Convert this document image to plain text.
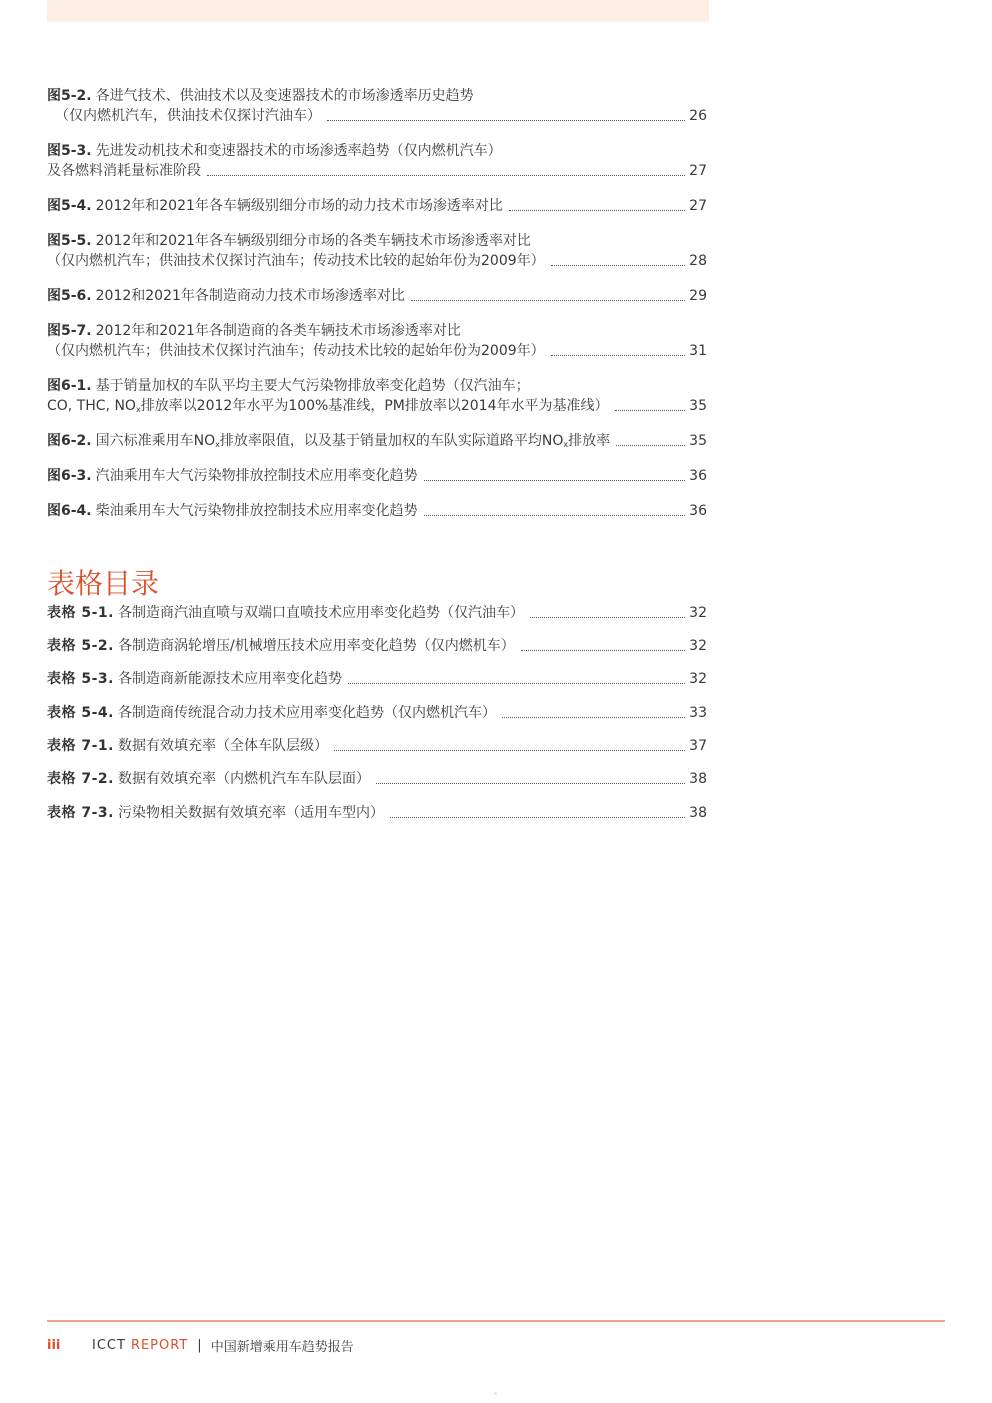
图5-2. 各进气技术、供油技术以及变速器技术的市场渗透率历史趋势
（仅内燃机汽车，供油技术仅探讨汽油车）	26
图5-3. 先进发动机技术和变速器技术的市场渗透率趋势（仅内燃机汽车）
及各燃料消耗量标准阶段	27
图5-4. 2012年和2021年各车辆级别细分市场的动力技术市场渗透率对比	27
图5-5. 2012年和2021年各车辆级别细分市场的各类车辆技术市场渗透率对比
（仅内燃机汽车；供油技术仅探讨汽油车；传动技术比较的起始年份为2009年）	28
图5-6. 2012和2021年各制造商动力技术市场渗透率对比	29
图5-7. 2012年和2021年各制造商的各类车辆技术市场渗透率对比
（仅内燃机汽车；供油技术仅探讨汽油车；传动技术比较的起始年份为2009年）	31
图6-1. 基于销量加权的车队平均主要大气污染物排放率变化趋势（仅汽油车；
CO, THC, $NO_x$排放率以2012年水平为100%基准线，PM排放率以2014年水平为基准线）	35
图6-2. 国六标准乘用车$NO_x$排放率限值，以及基于销量加权的车队实际道路平均$NO_x$排放率	35
图6-3. 汽油乘用车大气污染物排放控制技术应用率变化趋势	36
图6-4. 柴油乘用车大气污染物排放控制技术应用率变化趋势	36
表格目录
表格 5-1. 各制造商汽油直喷与双端口直喷技术应用率变化趋势（仅汽油车）	32
表格 5-2. 各制造商涡轮增压/机械增压技术应用率变化趋势（仅内燃机车）	32
表格 5-3. 各制造商新能源技术应用率变化趋势	32
表格 5-4. 各制造商传统混合动力技术应用率变化趋势（仅内燃机汽车）	33
表格 7-1. 数据有效填充率（全体车队层级）	37
表格 7-2. 数据有效填充率（内燃机汽车车队层面）	38
表格 7-3. 污染物相关数据有效填充率（适用车型内）	38
iii	ICCT REPORT | 中国新增乘用车趋势报告
